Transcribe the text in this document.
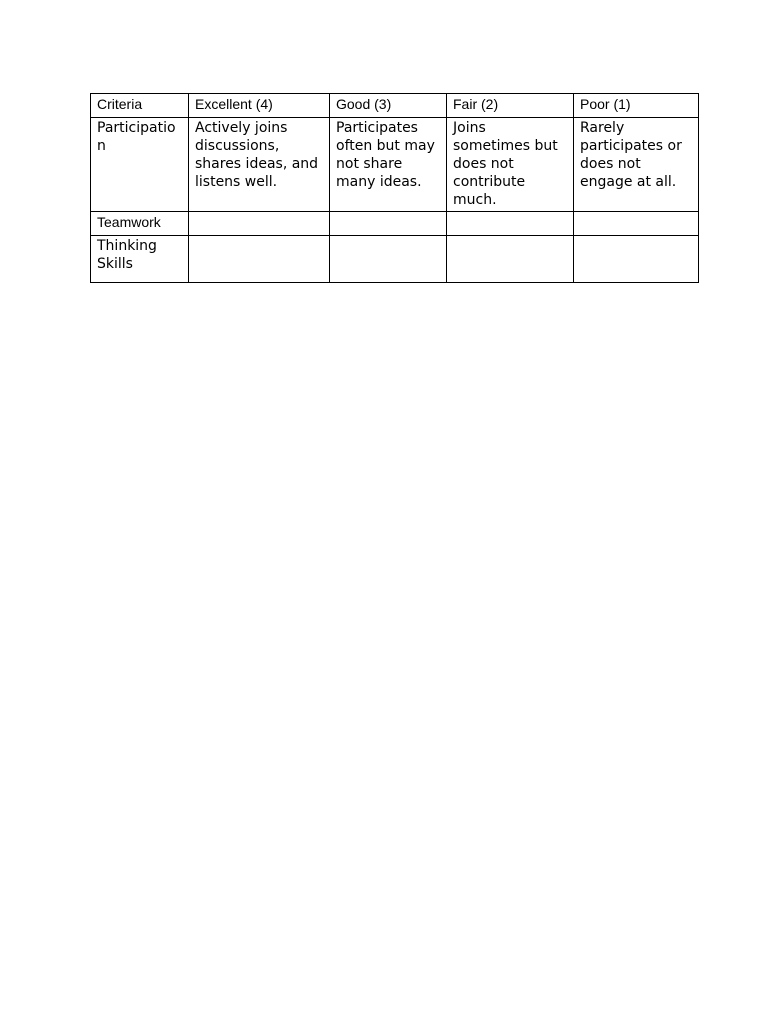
Criteria	Excellent (4)	Good (3)	Fair (2)	Poor (1)
Participation	Actively joins discussions, shares ideas, and listens well.	Participates often but may not share many ideas.	Joins sometimes but does not contribute much.	Rarely participates or does not engage at all.
Teamwork				
Thinking Skills				
